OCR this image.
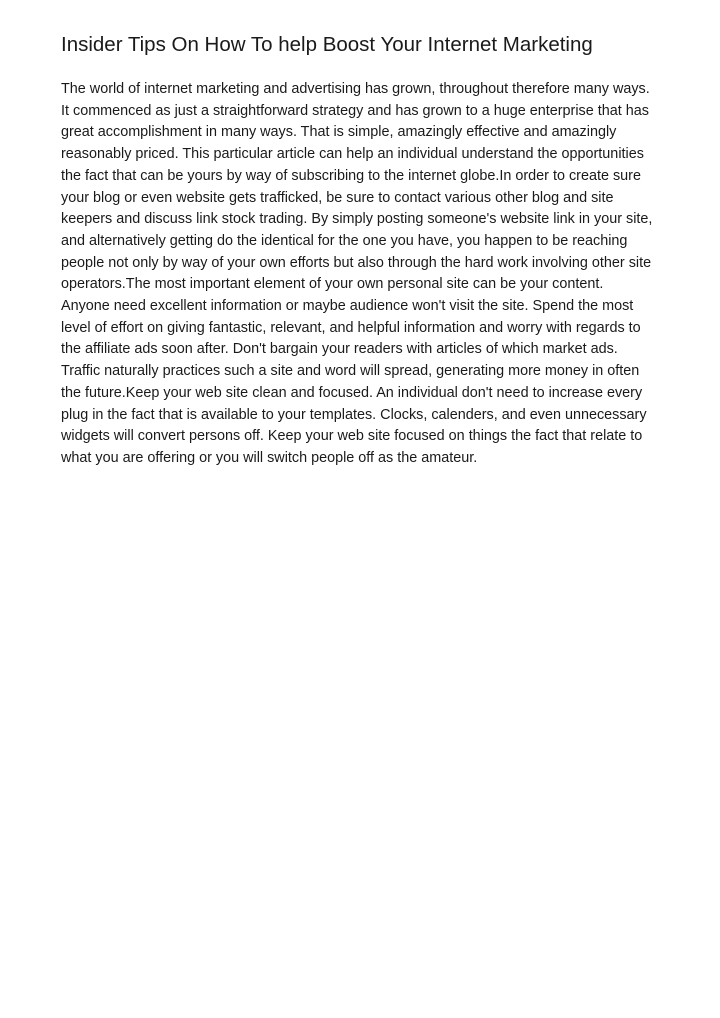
Insider Tips On How To help Boost Your Internet Marketing

The world of internet marketing and advertising has grown, throughout therefore many ways.
It commenced as just a straightforward strategy and has grown to a huge enterprise that has
great accomplishment in many ways. That is simple, amazingly effective and amazingly
reasonably priced. This particular article can help an individual understand the opportunities
the fact that can be yours by way of subscribing to the internet globe.In order to create sure
your blog or even website gets trafficked, be sure to contact various other blog and site
keepers and discuss link stock trading. By simply posting someone's website link in your site,
and alternatively getting do the identical for the one you have, you happen to be reaching
people not only by way of your own efforts but also through the hard work involving other site
operators.The most important element of your own personal site can be your content.
Anyone need excellent information or maybe audience won't visit the site. Spend the most
level of effort on giving fantastic, relevant, and helpful information and worry with regards to
the affiliate ads soon after. Don't bargain your readers with articles of which market ads.
Traffic naturally practices such a site and word will spread, generating more money in often
the future.Keep your web site clean and focused. An individual don't need to increase every
plug in the fact that is available to your templates. Clocks, calenders, and even unnecessary
widgets will convert persons off. Keep your web site focused on things the fact that relate to
what you are offering or you will switch people off as the amateur.
